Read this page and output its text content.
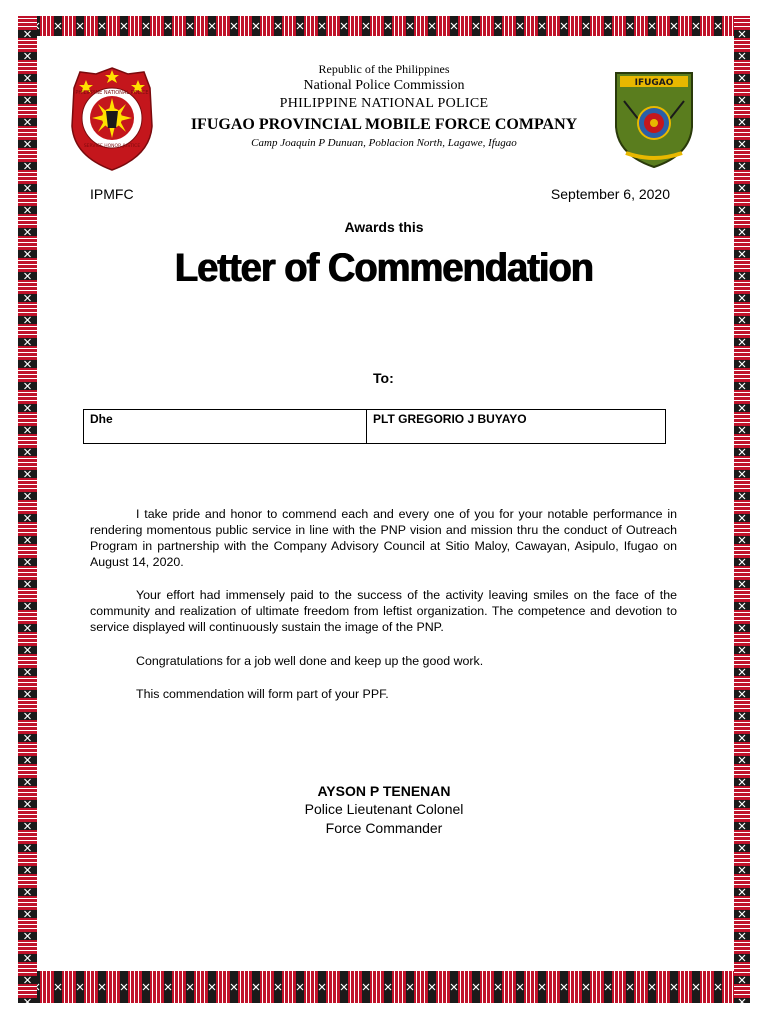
PHILIPPINE NATIONAL POLICE
SERVICE HONOR JUSTICE
IFUGAO
Republic of the Philippines
National Police Commission
PHILIPPINE NATIONAL POLICE
IFUGAO PROVINCIAL MOBILE FORCE COMPANY
Camp Joaquin P Dunuan, Poblacion North, Lagawe, Ifugao
IPMFC	September 6, 2020
Awards this
Letter of Commendation
To:
Dhe	PLT GREGORIO J BUYAYO
I take pride and honor to commend each and every one of you for your notable performance in rendering momentous public service in line with the PNP vision and mission thru the conduct of Outreach Program in partnership with the Company Advisory Council at Sitio Maloy, Cawayan, Asipulo, Ifugao on August 14, 2020.
Your effort had immensely paid to the success of the activity leaving smiles on the face of the community and realization of ultimate freedom from leftist organization. The competence and devotion to service displayed will continuously sustain the image of the PNP.
Congratulations for a job well done and keep up the good work.
This commendation will form part of your PPF.
AYSON P TENENAN
Police Lieutenant Colonel
Force Commander
